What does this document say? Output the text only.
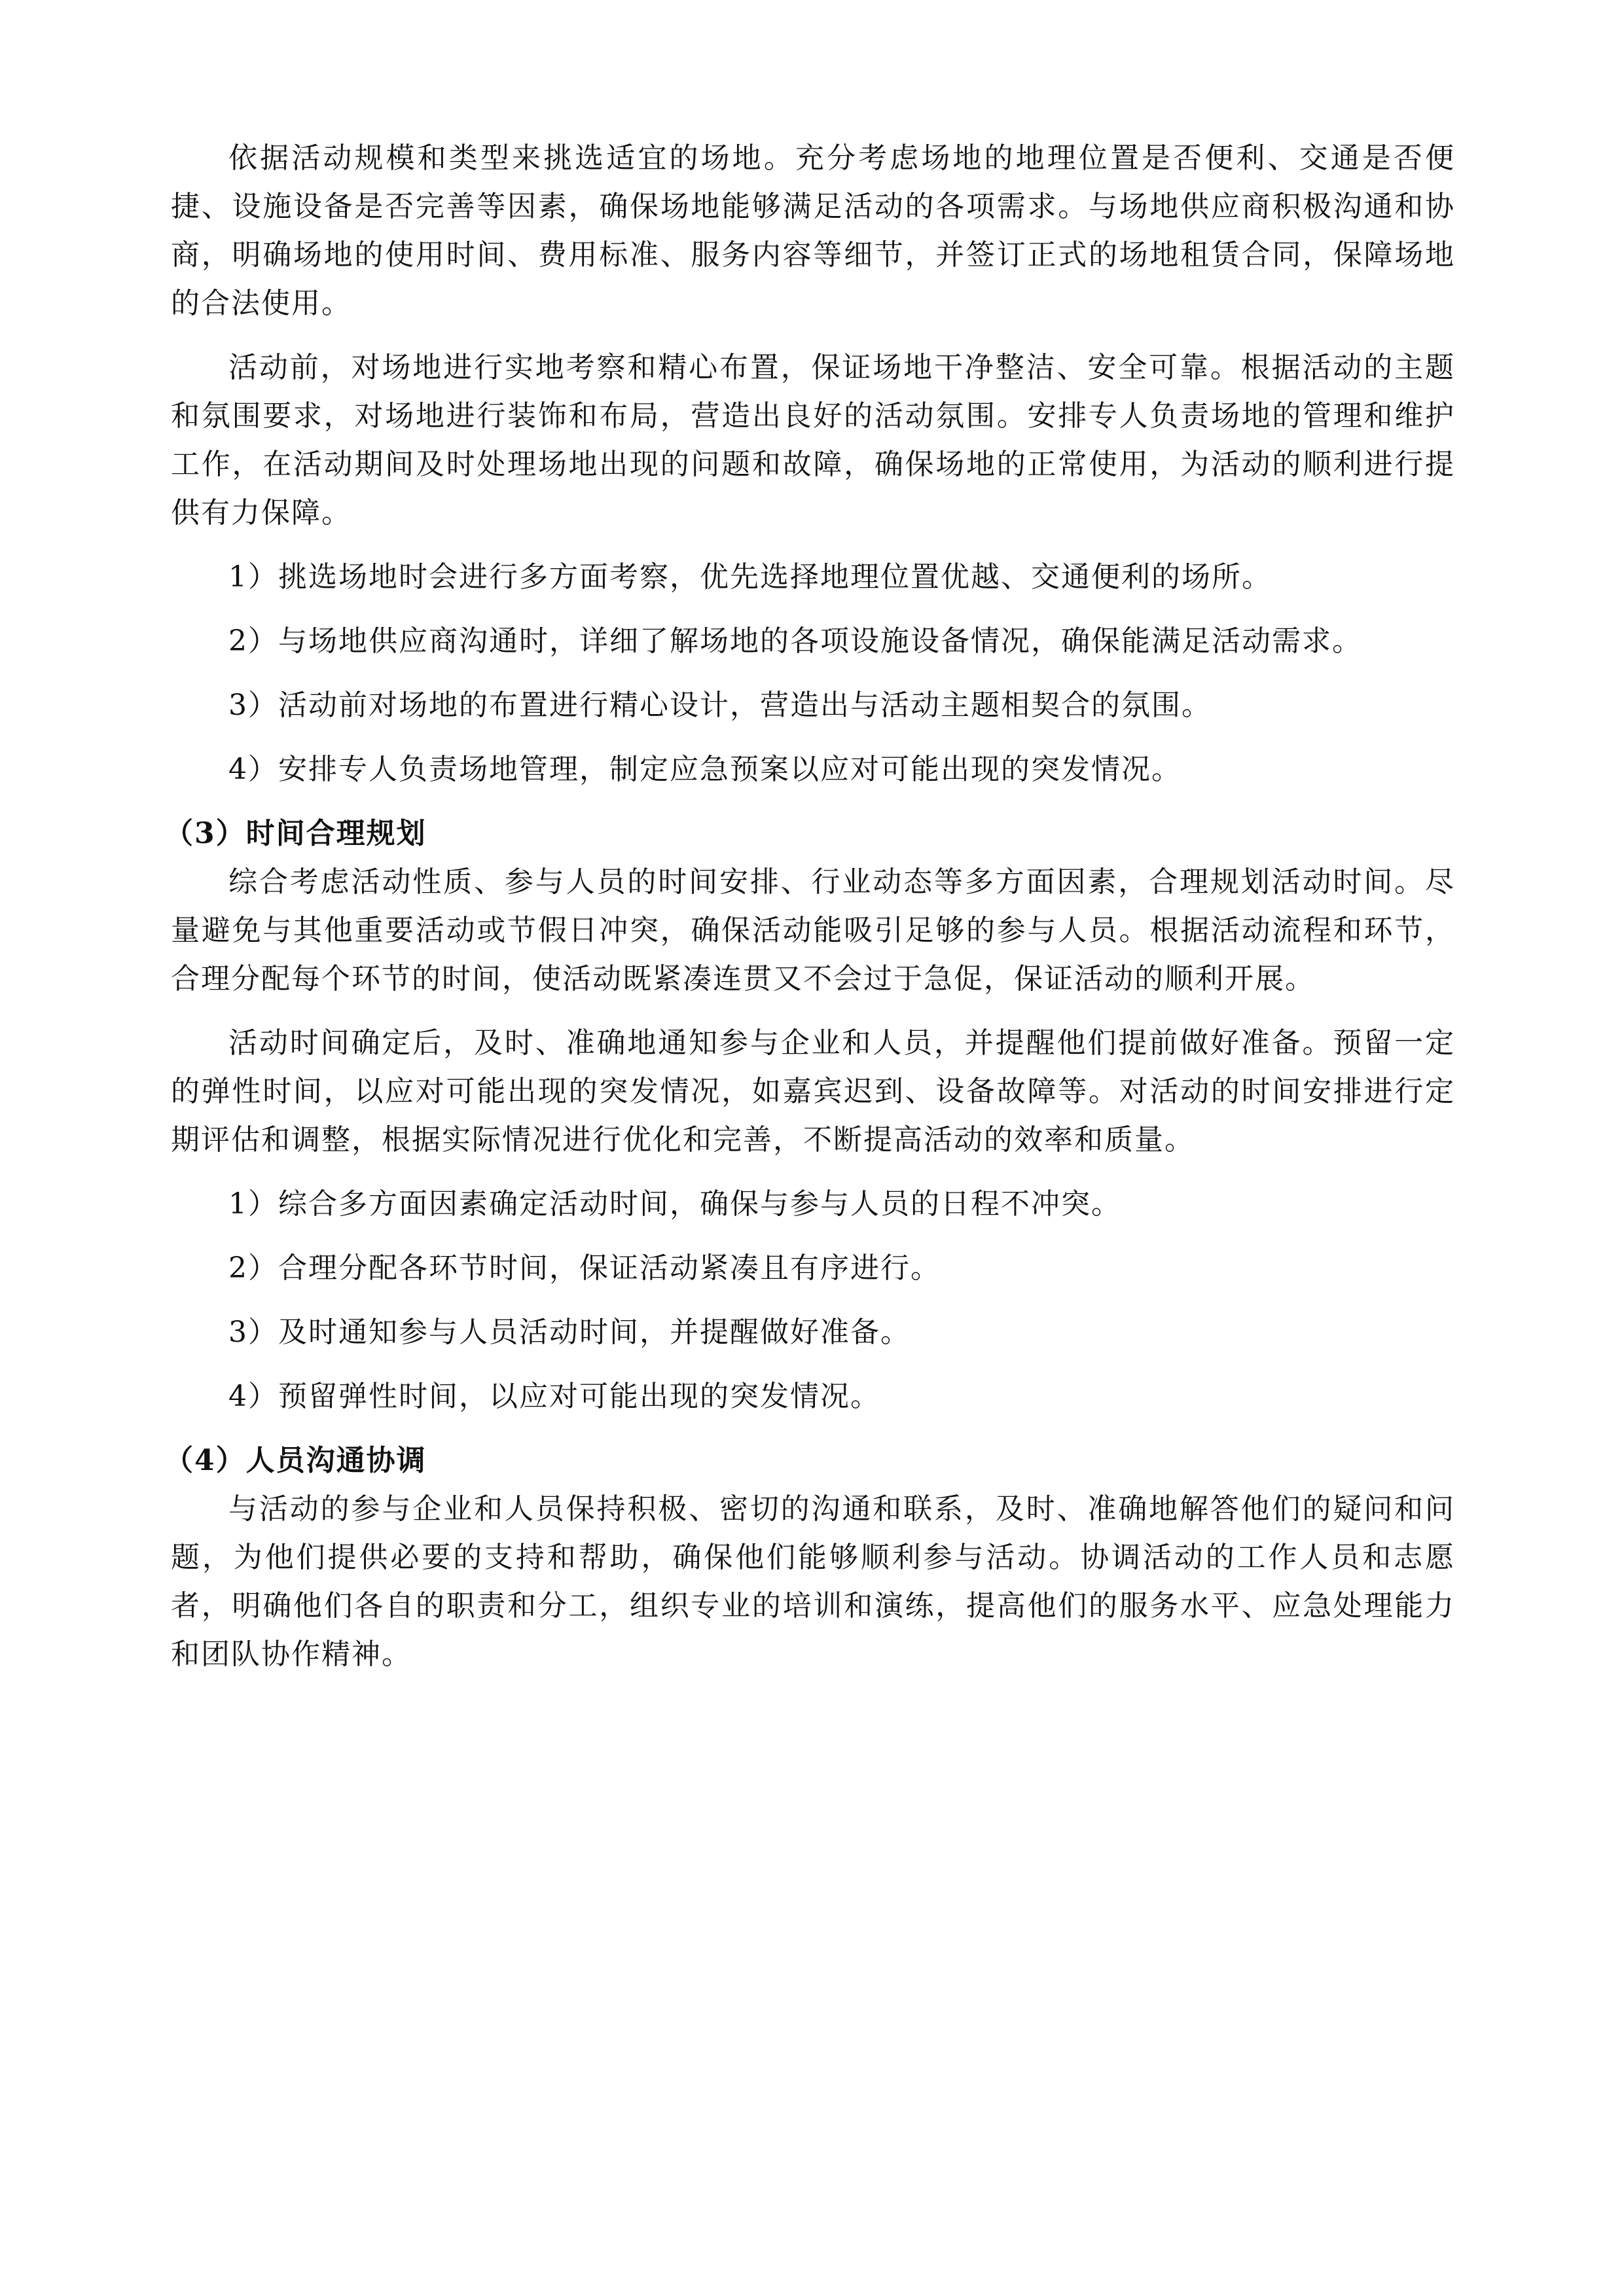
依据活动规模和类型来挑选适宜的场地。充分考虑场地的地理位置是否便利、交通是否便捷、设施设备是否完善等因素，确保场地能够满足活动的各项需求。与场地供应商积极沟通和协商，明确场地的使用时间、费用标准、服务内容等细节，并签订正式的场地租赁合同，保障场地的合法使用。

活动前，对场地进行实地考察和精心布置，保证场地干净整洁、安全可靠。根据活动的主题和氛围要求，对场地进行装饰和布局，营造出良好的活动氛围。安排专人负责场地的管理和维护工作，在活动期间及时处理场地出现的问题和故障，确保场地的正常使用，为活动的顺利进行提供有力保障。

1）挑选场地时会进行多方面考察，优先选择地理位置优越、交通便利的场所。

2）与场地供应商沟通时，详细了解场地的各项设施设备情况，确保能满足活动需求。

3）活动前对场地的布置进行精心设计，营造出与活动主题相契合的氛围。

4）安排专人负责场地管理，制定应急预案以应对可能出现的突发情况。

（3）时间合理规划

综合考虑活动性质、参与人员的时间安排、行业动态等多方面因素，合理规划活动时间。尽量避免与其他重要活动或节假日冲突，确保活动能吸引足够的参与人员。根据活动流程和环节，合理分配每个环节的时间，使活动既紧凑连贯又不会过于急促，保证活动的顺利开展。

活动时间确定后，及时、准确地通知参与企业和人员，并提醒他们提前做好准备。预留一定的弹性时间，以应对可能出现的突发情况，如嘉宾迟到、设备故障等。对活动的时间安排进行定期评估和调整，根据实际情况进行优化和完善，不断提高活动的效率和质量。

1）综合多方面因素确定活动时间，确保与参与人员的日程不冲突。

2）合理分配各环节时间，保证活动紧凑且有序进行。

3）及时通知参与人员活动时间，并提醒做好准备。

4）预留弹性时间，以应对可能出现的突发情况。

（4）人员沟通协调

与活动的参与企业和人员保持积极、密切的沟通和联系，及时、准确地解答他们的疑问和问题，为他们提供必要的支持和帮助，确保他们能够顺利参与活动。协调活动的工作人员和志愿者，明确他们各自的职责和分工，组织专业的培训和演练，提高他们的服务水平、应急处理能力和团队协作精神。
